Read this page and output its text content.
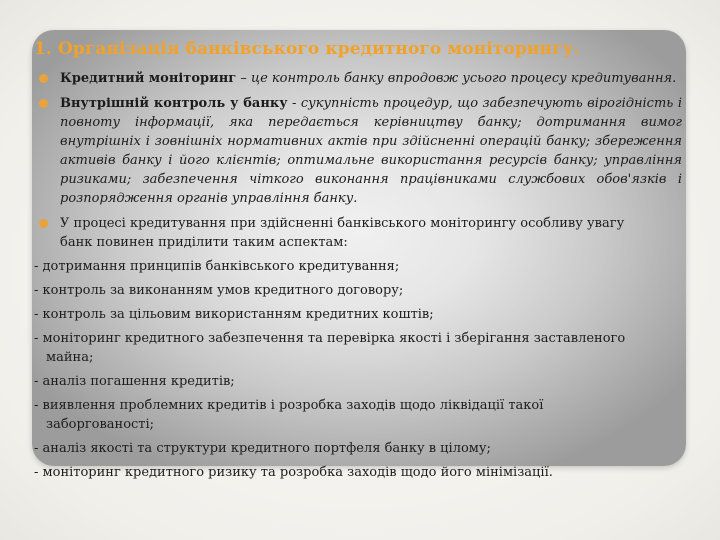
1. Організація банківського кредитного моніторингу.
Кредитний моніторинг – це контроль банку впродовж усього процесу кредитування.
Внутрішній контроль у банку - сукупність процедур, що забезпечують вірогідність і повноту інформації, яка передається керівництву банку; дотримання вимог внутрішніх і зовнішніх нормативних актів при здійсненні операцій банку; збереження активів банку і його клієнтів; оптимальне використання ресурсів банку; управління ризиками; забезпечення чіткого виконання працівниками службових обов'язків і розпорядження органів управління банку.
У процесі кредитування при здійсненні банківського моніторингу особливу увагу банк повинен приділити таким аспектам:
- дотримання принципів банківського кредитування;
- контроль за виконанням умов кредитного договору;
- контроль за цільовим використанням кредитних коштів;
- моніторинг кредитного забезпечення та перевірка якості і зберігання заставленого майна;
- аналіз погашення кредитів;
- виявлення проблемних кредитів і розробка заходів щодо ліквідації такої заборгованості;
- аналіз якості та структури кредитного портфеля банку в цілому;
- моніторинг кредитного ризику та розробка заходів щодо його мінімізації.
